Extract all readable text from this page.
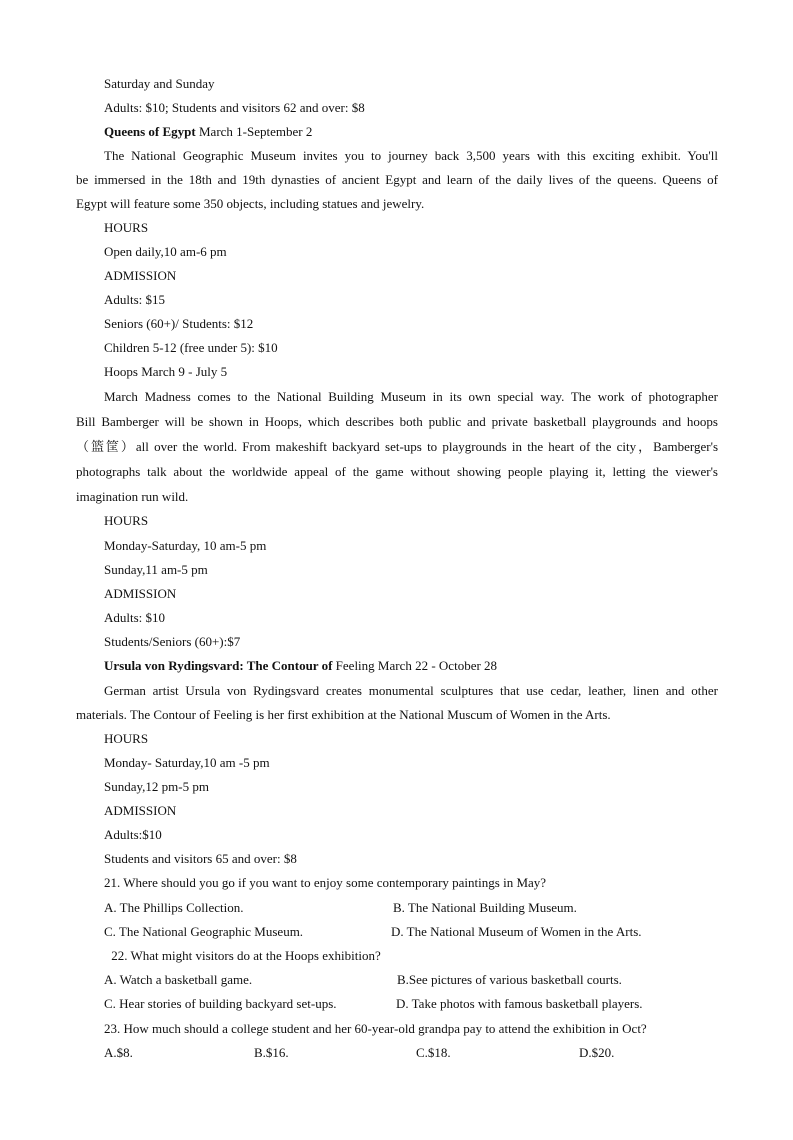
Saturday and Sunday
Adults: $10; Students and visitors 62 and over: $8
Queens of Egypt March 1-September 2
The National Geographic Museum invites you to journey back 3,500 years with this exciting exhibit. You'll
be immersed in the 18th and 19th dynasties of ancient Egypt and learn of the daily lives of the queens. Queens of
Egypt will feature some 350 objects, including statues and jewelry.
HOURS
Open daily,10 am-6 pm
ADMISSION
Adults: $15
Seniors (60+)/ Students: $12
Children 5-12 (free under 5): $10
Hoops March 9 - July 5
March Madness comes to the National Building Museum in its own special way. The work of photographer
Bill Bamberger will be shown in Hoops, which describes both public and private basketball playgrounds and hoops
（篮筐）all over the world. From makeshift backyard set-ups to playgrounds in the heart of the city，Bamberger's
photographs talk about the worldwide appeal of the game without showing people playing it, letting the viewer's
imagination run wild.
HOURS
Monday-Saturday, 10 am-5 pm
Sunday,11 am-5 pm
ADMISSION
Adults: $10
Students/Seniors (60+):$7
Ursula von Rydingsvard: The Contour of Feeling March 22 - October 28
German artist Ursula von Rydingsvard creates monumental sculptures that use cedar, leather, linen and other
materials. The Contour of Feeling is her first exhibition at the National Muscum of Women in the Arts.
HOURS
Monday- Saturday,10 am -5 pm
Sunday,12 pm-5 pm
ADMISSION
Adults:$10
Students and visitors 65 and over: $8
21. Where should you go if you want to enjoy some contemporary paintings in May?
A. The Phillips Collection.	B. The National Building Museum.
C. The National Geographic Museum.	D. The National Museum of Women in the Arts.
22. What might visitors do at the Hoops exhibition?
A. Watch a basketball game.	B.See pictures of various basketball courts.
C. Hear stories of building backyard set-ups.	D. Take photos with famous basketball players.
23. How much should a college student and her 60-year-old grandpa pay to attend the exhibition in Oct?
A.$8.	B.$16.	C.$18.	D.$20.
